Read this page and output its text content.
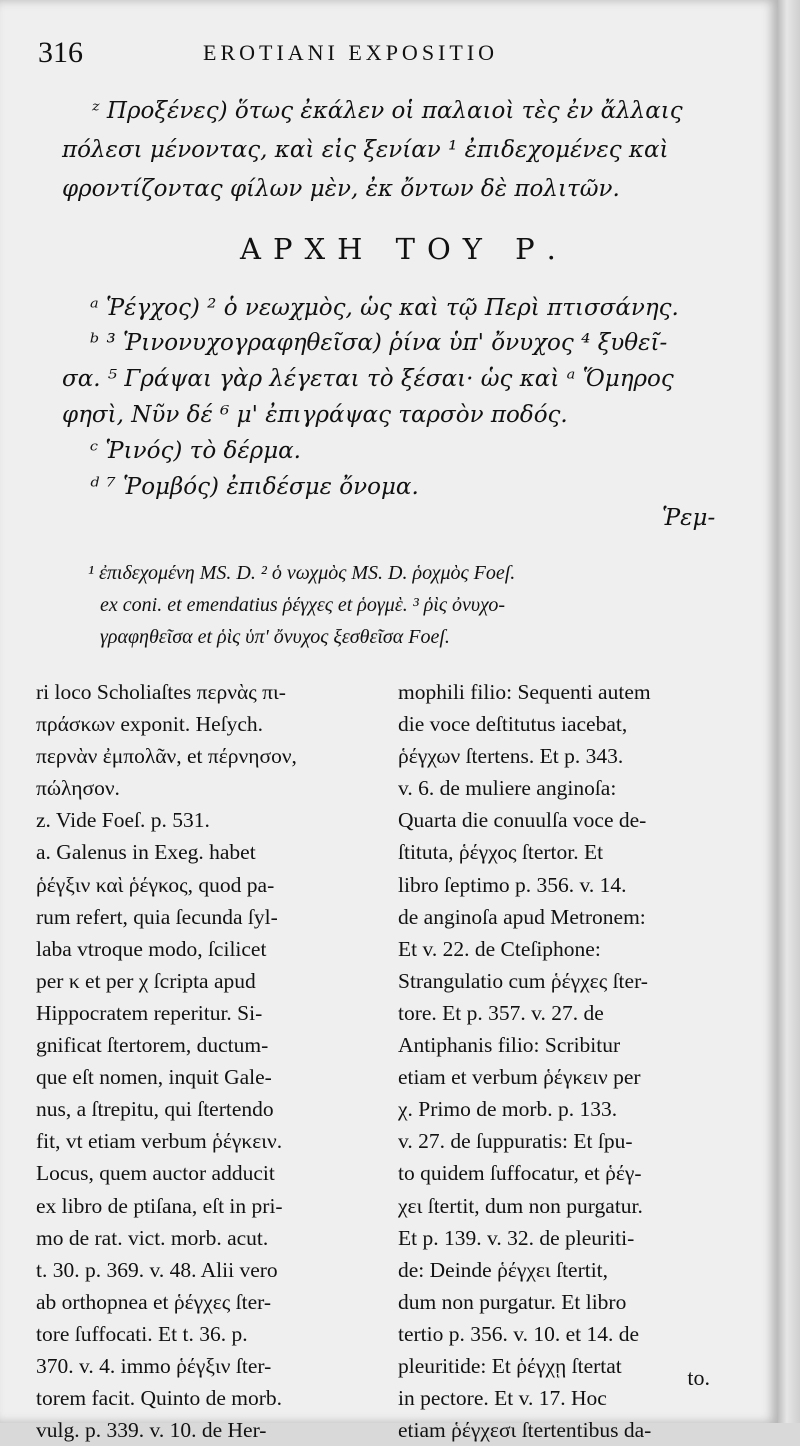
316	EROTIANI EXPOSITIO
ᶻ Προξένες) ὅτως ἐκάλεν οἱ παλαιοὶ τὲς ἐν ἄλλαις
πόλεσι μένοντας, καὶ εἰς ξενίαν ¹ ἐπιδεχομένες καὶ
φροντίζοντας φίλων μὲν, ἐκ ὄντων δὲ πολιτῶν.
ΑΡΧΗ ΤΟΥ Ρ.
ᵃ Ῥέγχος) ² ὁ νεωχμὸς, ὡς καὶ τῷ Περὶ πτισσάνης.
ᵇ ³ Ῥινονυχογραφηθεῖσα) ῥίνα ὑπ' ὄνυχος ⁴ ξυθεῖ-
σα. ⁵ Γράψαι γὰρ λέγεται τὸ ξέσαι· ὡς καὶ ᵃ Ὅμηρος
φησὶ, Νῦν δέ ⁶ μ' ἐπιγράψας ταρσὸν ποδός.
ᶜ Ῥινός) τὸ δέρμα.
ᵈ ⁷ Ῥομβός) ἐπιδέσμε ὄνομα.
Ῥεμ-
¹ ἐπιδεχομένη MS. D. ² ὁ νωχμὸς MS. D. ῥοχμὸς Foeſ.
ex coni. et emendatius ῥέγχες et ῥογμὲ. ³ ῥὶς ὀνυχο-
γραφηθεῖσα et ῥὶς ὑπ' ὄνυχος ξεσθεῖσα Foeſ.
ri loco Scholiaſtes περνὰς πι-
πράσκων exponit. Heſych.
περνὰν ἐμπολᾶν, et πέρνησον,
πώλησον.
z. Vide Foeſ. p. 531.
a. Galenus in Exeg. habet
ῥέγξιν καὶ ῥέγκος, quod pa-
rum refert, quia ſecunda ſyl-
laba vtroque modo, ſcilicet
per κ et per χ ſcripta apud
Hippocratem reperitur. Si-
gnificat ſtertorem, ductum-
que eſt nomen, inquit Gale-
nus, a ſtrepitu, qui ſtertendo
fit, vt etiam verbum ῥέγκειν.
Locus, quem auctor adducit
ex libro de ptiſana, eſt in pri-
mo de rat. vict. morb. acut.
t. 30. p. 369. v. 48. Alii vero
ab orthopnea et ῥέγχες ſter-
tore ſuffocati. Et t. 36. p.
370. v. 4. immo ῥέγξιν ſter-
torem facit. Quinto de morb.
vulg. p. 339. v. 10. de Her-
mophili filio: Sequenti autem
die voce deſtitutus iacebat,
ῥέγχων ſtertens. Et p. 343.
v. 6. de muliere anginoſa:
Quarta die conuulſa voce de-
ſtituta, ῥέγχος ſtertor. Et
libro ſeptimo p. 356. v. 14.
de anginoſa apud Metronem:
Et v. 22. de Cteſiphone:
Strangulatio cum ῥέγχες ſter-
tore. Et p. 357. v. 27. de
Antiphanis filio: Scribitur
etiam et verbum ῥέγκειν per
χ. Primo de morb. p. 133.
v. 27. de ſuppuratis: Et ſpu-
to quidem ſuffocatur, et ῥέγ-
χει ſtertit, dum non purgatur.
Et p. 139. v. 32. de pleuriti-
de: Deinde ῥέγχει ſtertit,
dum non purgatur. Et libro
tertio p. 356. v. 10. et 14. de
pleuritide: Et ῥέγχῃ ſtertat
in pectore. Et v. 17. Hoc
etiam ῥέγχεσι ſtertentibus da-
to.
